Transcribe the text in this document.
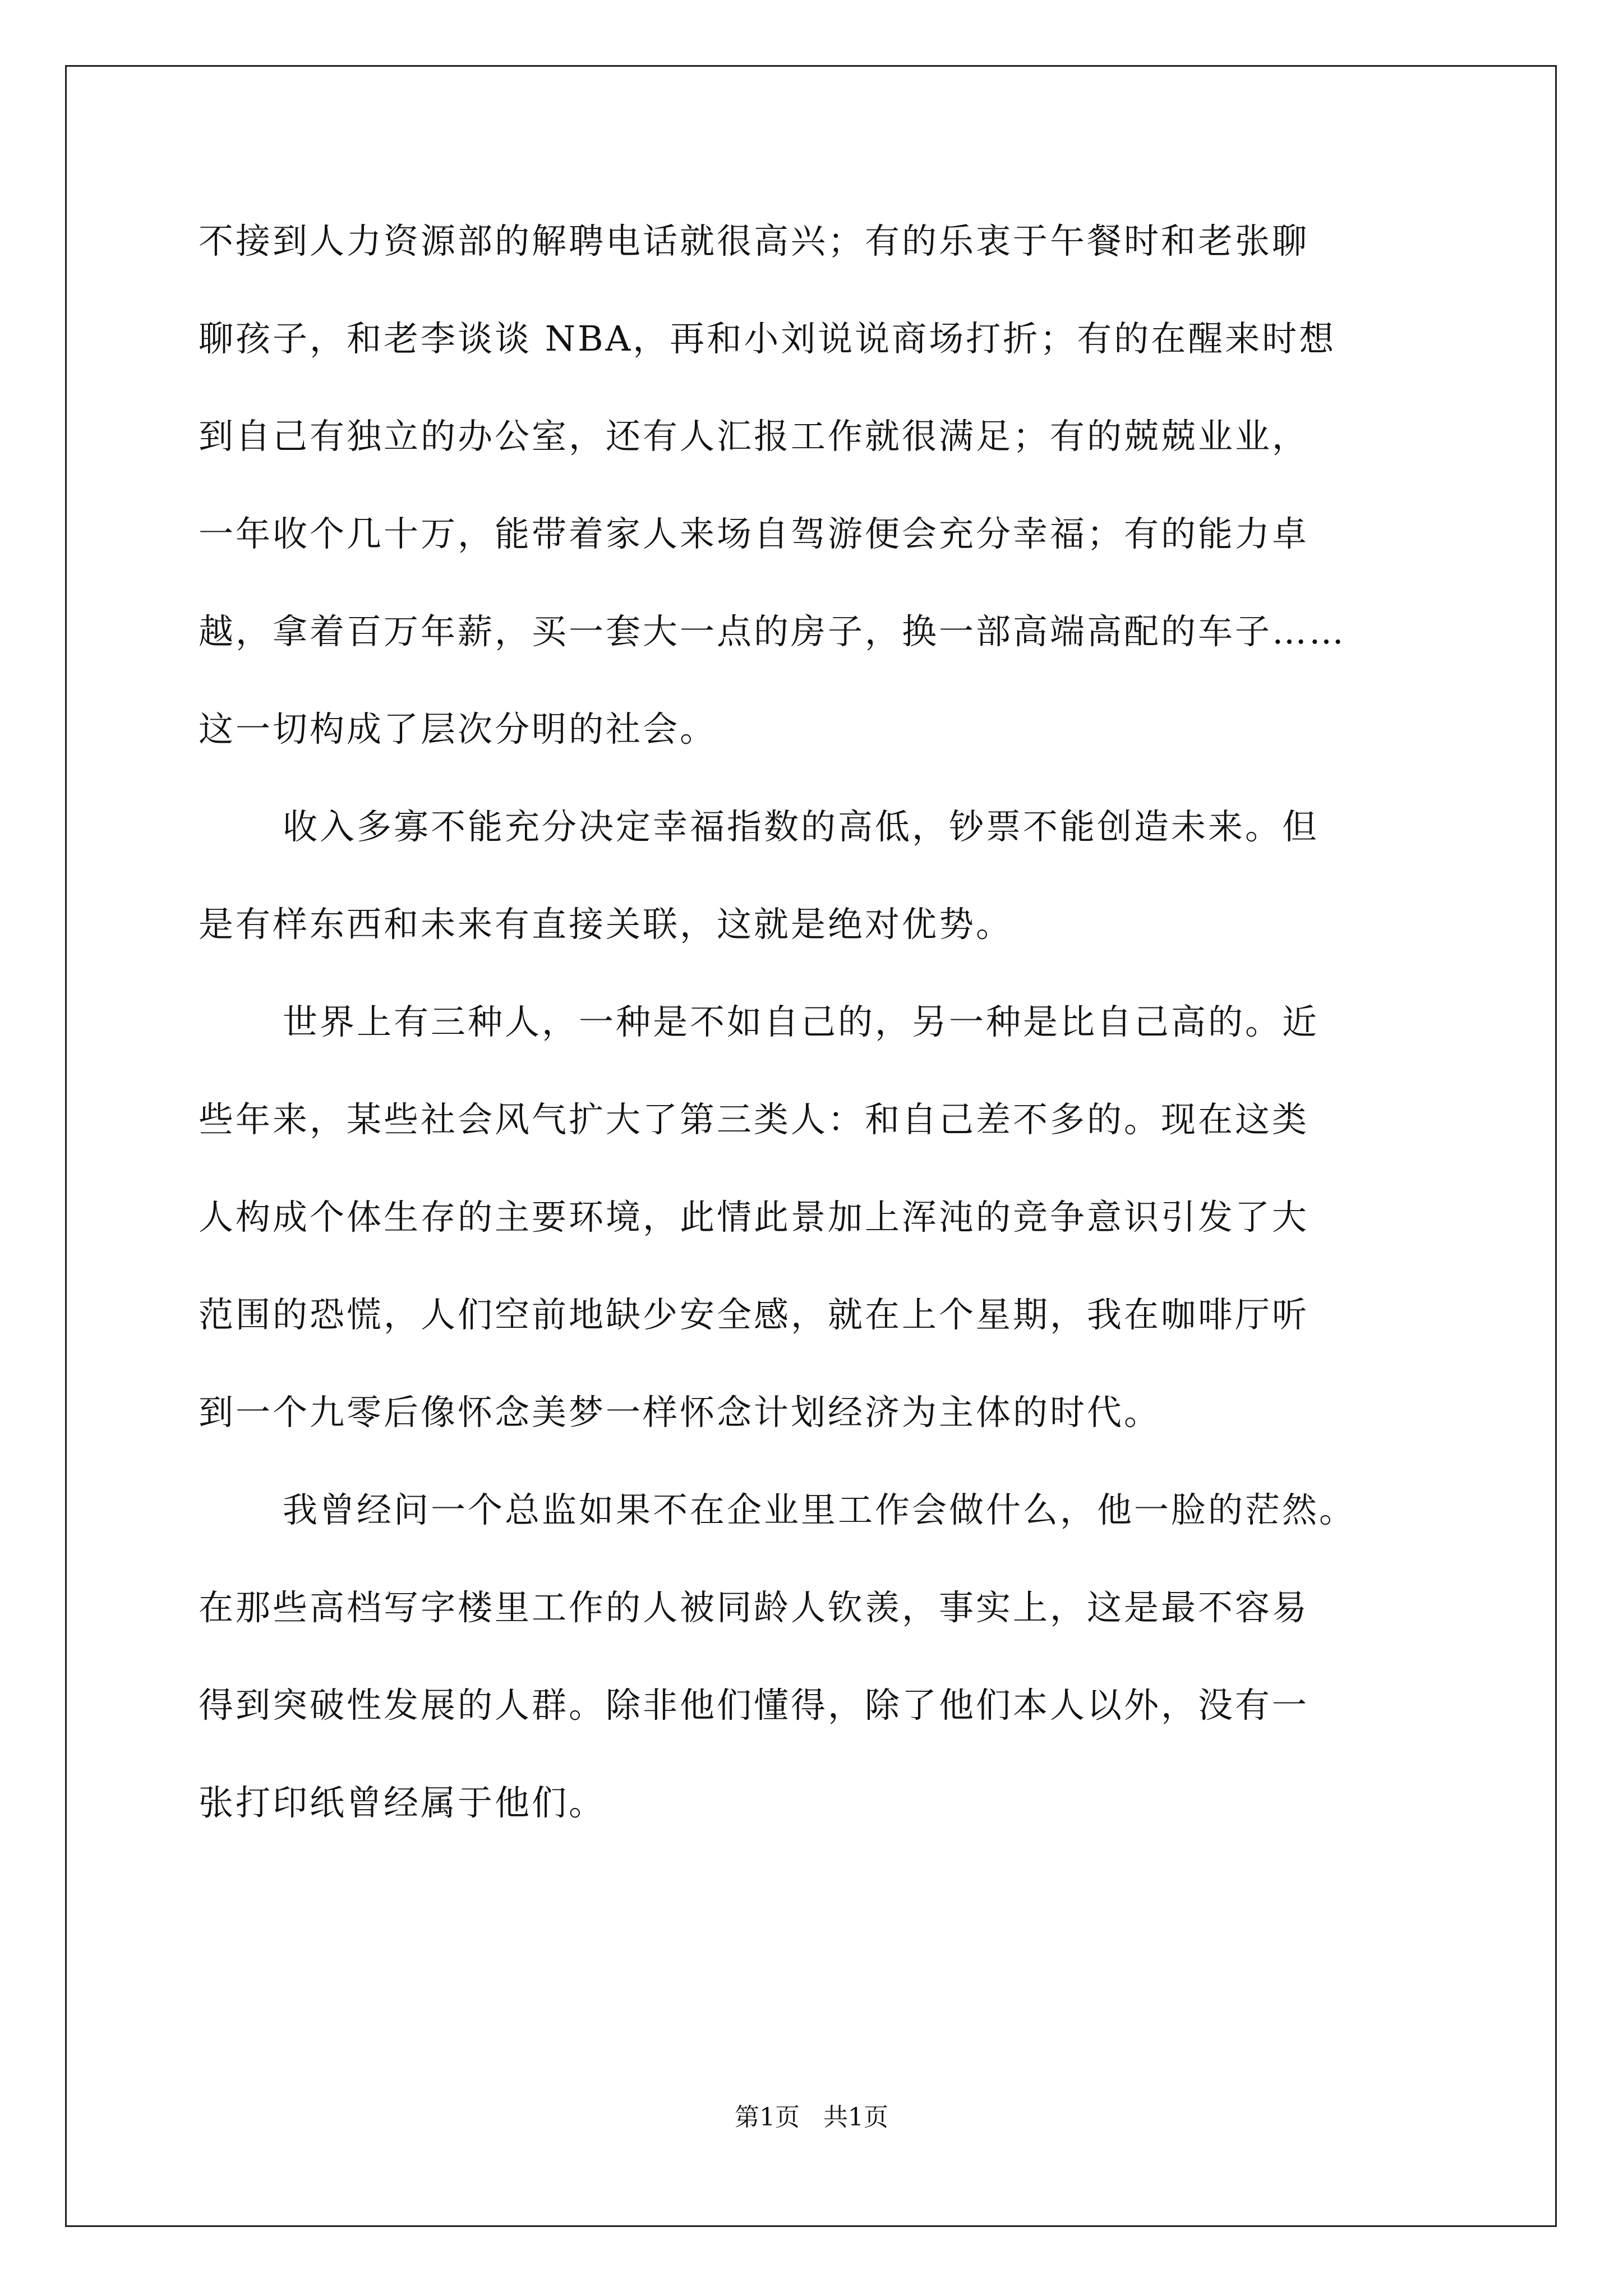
不接到人力资源部的解聘电话就很高兴；有的乐衷于午餐时和老张聊
聊孩子，和老李谈谈 NBA，再和小刘说说商场打折；有的在醒来时想
到自己有独立的办公室，还有人汇报工作就很满足；有的兢兢业业，
一年收个几十万，能带着家人来场自驾游便会充分幸福；有的能力卓
越，拿着百万年薪，买一套大一点的房子，换一部高端高配的车子……
这一切构成了层次分明的社会。
收入多寡不能充分决定幸福指数的高低，钞票不能创造未来。但
是有样东西和未来有直接关联，这就是绝对优势。
世界上有三种人，一种是不如自己的，另一种是比自己高的。近
些年来，某些社会风气扩大了第三类人：和自己差不多的。现在这类
人构成个体生存的主要环境，此情此景加上浑沌的竞争意识引发了大
范围的恐慌，人们空前地缺少安全感，就在上个星期，我在咖啡厅听
到一个九零后像怀念美梦一样怀念计划经济为主体的时代。
我曾经问一个总监如果不在企业里工作会做什么，他一脸的茫然。
在那些高档写字楼里工作的人被同龄人钦羡，事实上，这是最不容易
得到突破性发展的人群。除非他们懂得，除了他们本人以外，没有一
张打印纸曾经属于他们。
第1页   共1页
